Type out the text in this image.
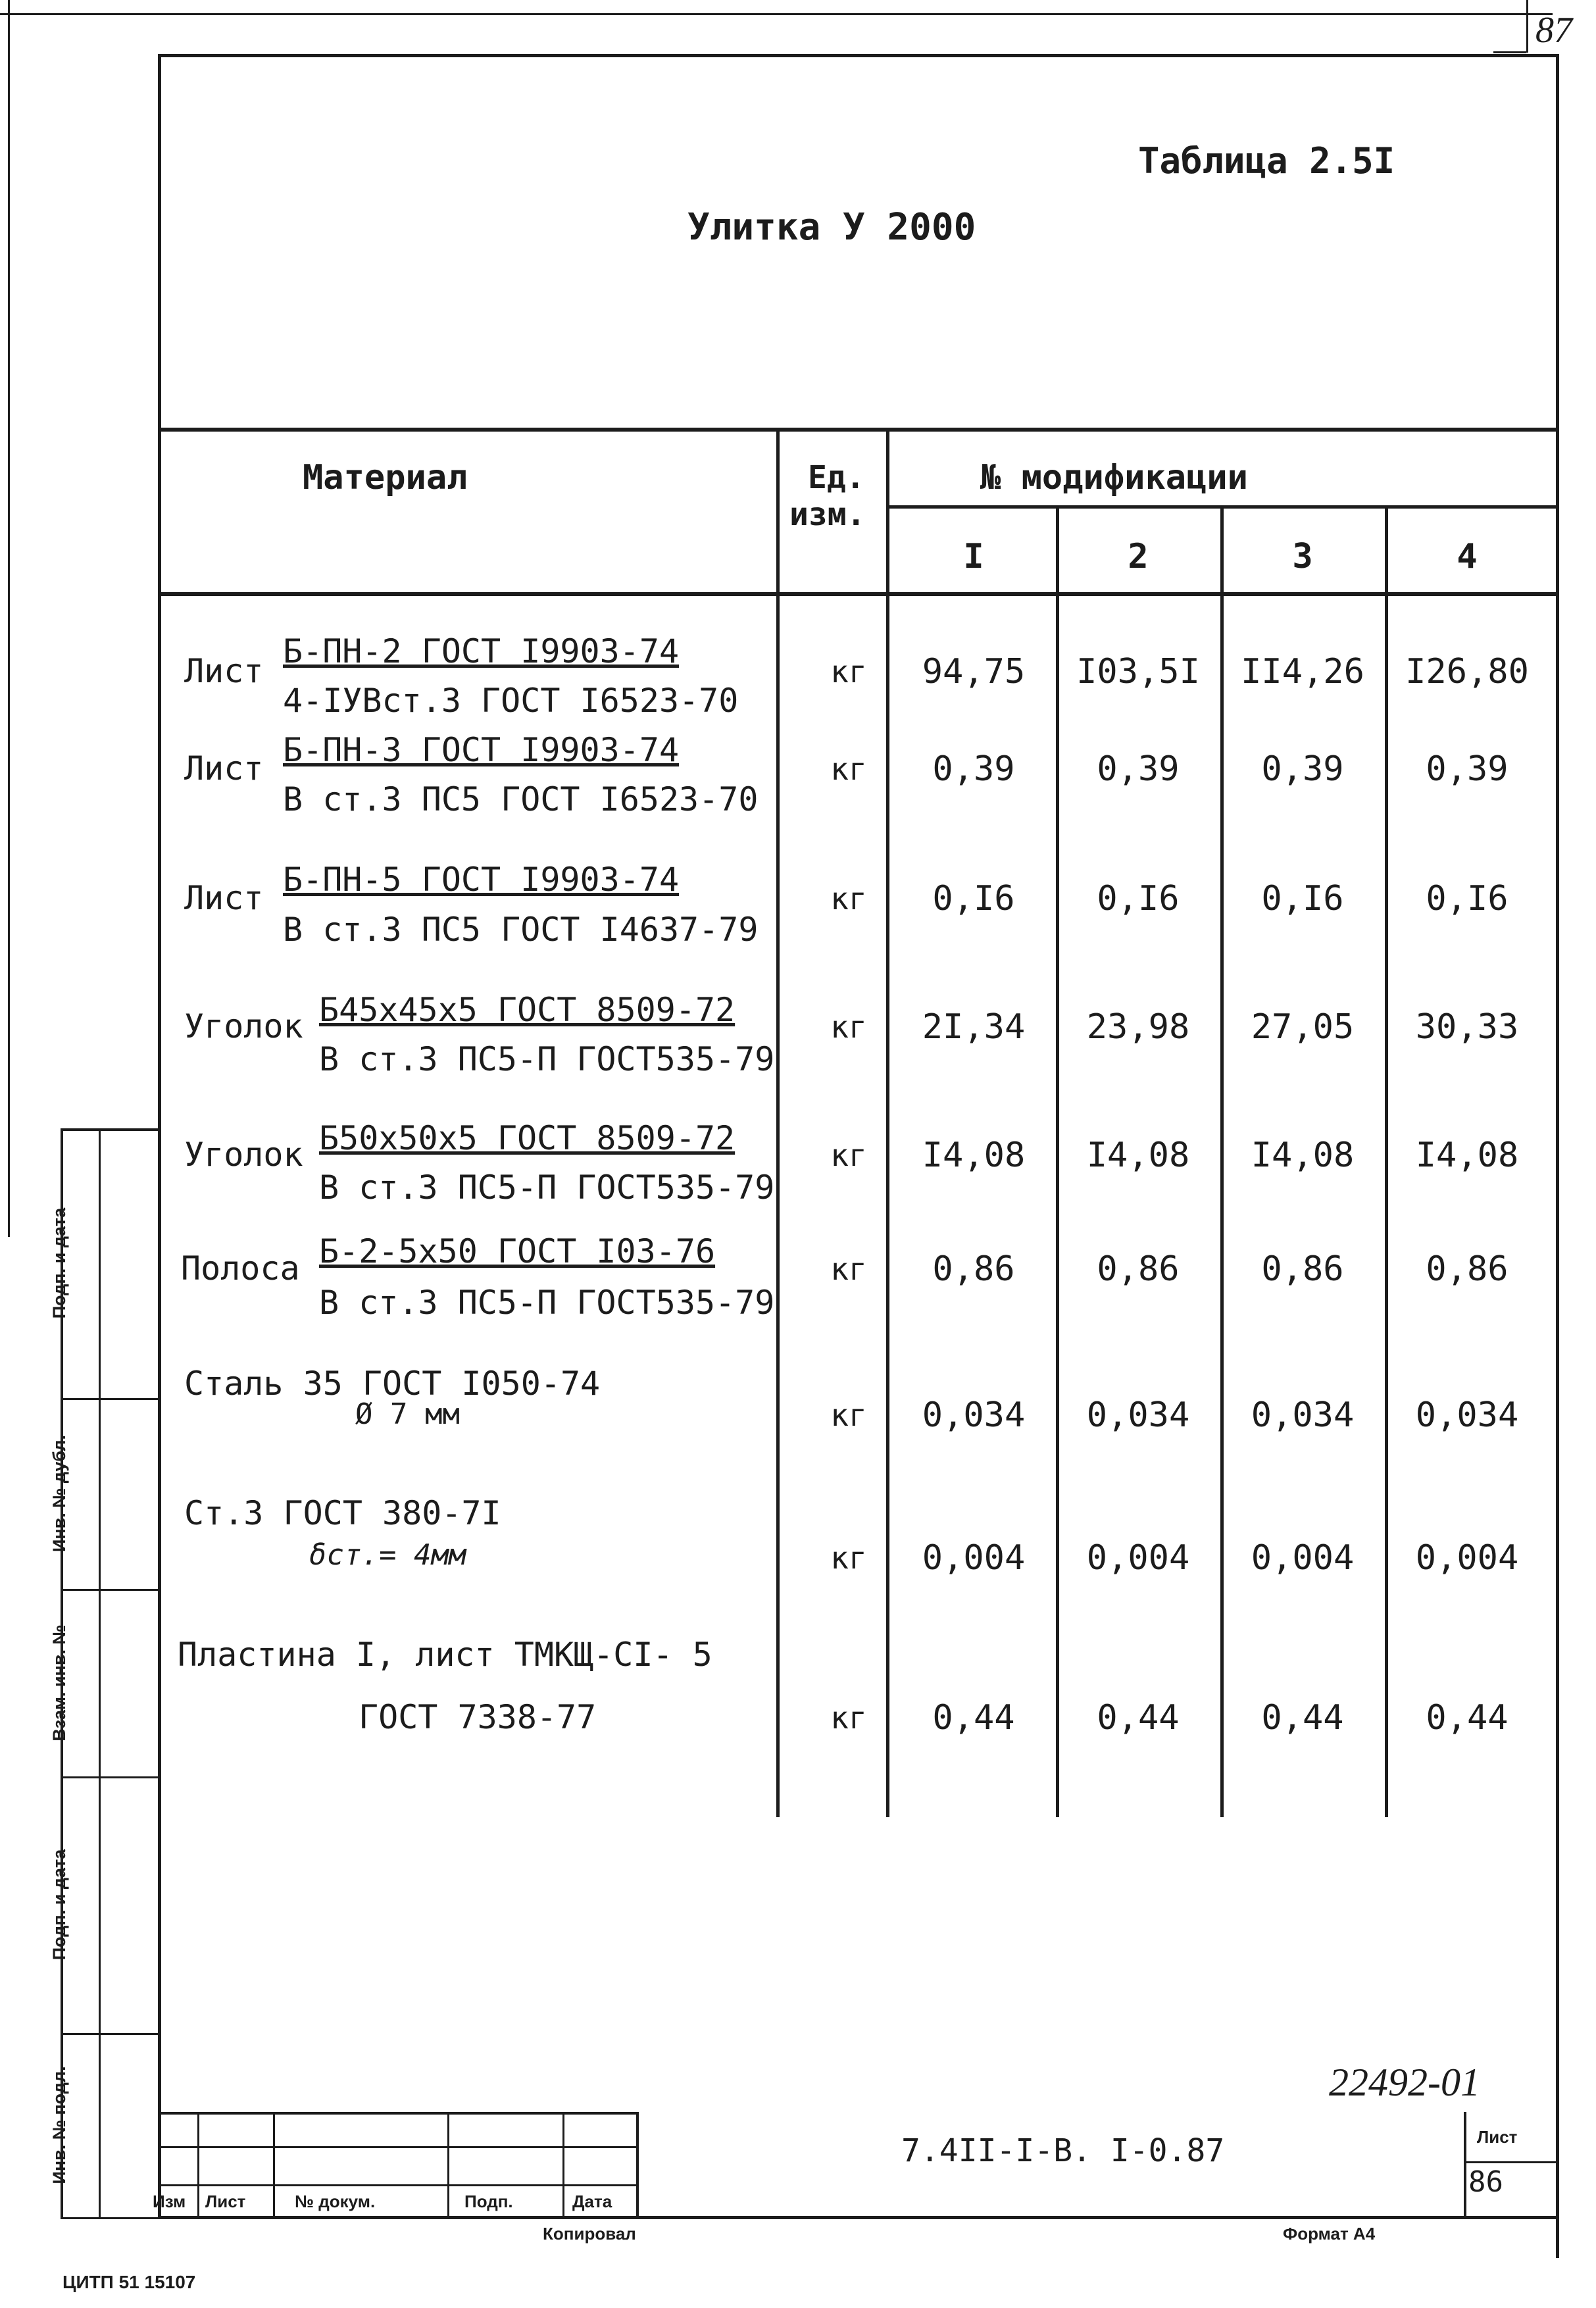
87
Таблица 2.5I
Улитка У 2000
Материал	Ед.
изм.
№ модификации
I	2	3	4
Лист
Б-ПН-2 ГОСТ I9903-74
4-IУВст.3 ГОСТ I6523-70
кг	94,75	I03,5I	II4,26	I26,80
Лист Б-ПН-3 ГОСТ I9903-74
В ст.3 ПС5 ГОСТ I6523-70
кг	0,39	0,39	0,39	0,39
Лист Б-ПН-5 ГОСТ I9903-74
В ст.3 ПС5 ГОСТ I4637-79
кг	0,I6	0,I6	0,I6	0,I6
Уголок Б45х45х5 ГОСТ 8509-72
В ст.3 ПС5-П ГОСТ535-79
кг	2I,34	23,98	27,05	30,33
Уголок Б50х50х5 ГОСТ 8509-72
В ст.3 ПС5-П ГОСТ535-79
кг	I4,08	I4,08	I4,08	I4,08
Полоса Б-2-5х50 ГОСТ I03-76
В ст.3 ПС5-П ГОСТ535-79
кг	0,86	0,86	0,86	0,86
Сталь 35 ГОСТ I050-74
Ø 7 мм	кг	0,034	0,034	0,034	0,034
Ст.3 ГОСТ 380-7I
δст.= 4мм	кг	0,004	0,004	0,004	0,004
Пластина I, лист ТМКЩ-СI- 5
ГОСТ 7338-77	кг	0,44	0,44	0,44	0,44
22492-01
Подп. и дата
Инв. № дубл.
Взам. инв. №
Подп. и дата
Инв. № подл.
Изм Лист	№ докум.	Подп.	Дата
7.4II-I-В. I-0.87	Лист
86
Копировал	Формат А4
ЦИТП 51 15107
